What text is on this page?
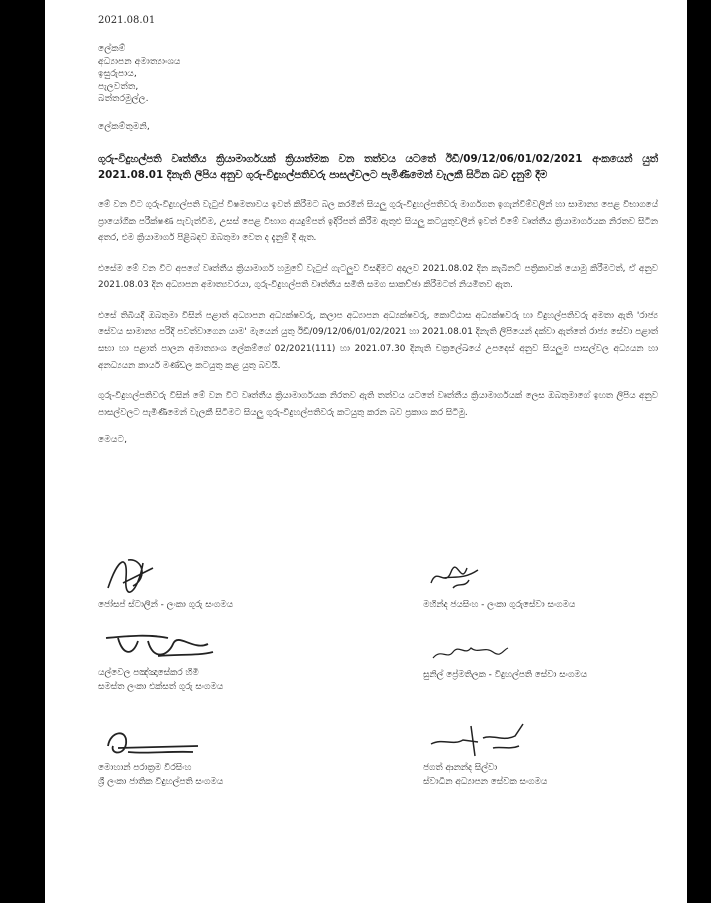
2021.08.01
ලේකම්
අධ්‍යාපන අමාත්‍යාංශය
ඉසුරුපාය,
පැලවත්ත,
බත්තරමුල්ල.
ලේකම්තුමනි,
ගුරු-විදුහල්පති වෘත්තීය ක්‍රියාමාර්ගයක් ක්‍රියාත්මක වන තත්වය යටතේ ඊඩී/09/12/06/01/02/2021 අංකයෙන් යුත් 2021.08.01 දිනැති ලිපිය අනුව ගුරු-විදුහල්පතිවරු පාසල්වලට පැමිණීමෙන් වැලකී සිටින බව දැනුම් දීම
මේ වන විට ගුරු-විදුහල්පති වැටුප් විෂමතාවය ඉවත් කිරීමට බල කරමින් සියලු ගුරු-විදුහල්පතිවරු මාර්ගගත ඉගැන්වීම්වලින් හා සාමාන්‍ය පෙළ විභාගයේ ප්‍රායෝගික පරීක්ෂණ පැවැත්වීම, උසස් පෙළ විභාග අයදුම්පත් ඉදිරිපත් කිරීම ඇතුළු සියලු කටයුතුවලින් ඉවත් වීමේ වෘත්තීය ක්‍රියාමාර්ගයක නිරතව සිටින අතර, එම ක්‍රියාමාර්ග පිළිබඳව ඔබතුමා වෙත ද දැනුම් දී ඇත.
එසේම මේ වන විට අපගේ වෘත්තීය ක්‍රියාමාර්ග හමුවේ වැටුප් ගැටලුව විසඳීමට අදාලව 2021.08.02 දින කැබිනට් පත්‍රිකාවක් යොමු කිරීමටත්, ඒ අනුව 2021.08.03 දින අධ්‍යාපන අමාත්‍යවරයා, ගුරු-විදුහල්පති වෘත්තීය සමිති සමග සාකච්ඡා කිරීමටත් නියමිතව ඇත.
එසේ තිබියදී ඔබතුමා විසින් පළාත් අධ්‍යාපන අධ්‍යක්ෂවරු, කලාප අධ්‍යාපන අධ්‍යක්ෂවරු, කොට්ඨාස අධ්‍යක්ෂවරු හා විදුහල්පතිවරු අමතා ඇති 'රාජ්‍ය සේවය සාමාන්‍ය පරිදි පවත්වාගෙන යාම' මැයෙන් යුතු ඊඩී/09/12/06/01/02/2021 හා 2021.08.01 දිනැති ලිපියෙන් දක්වා ඇත්තේ රාජ්‍ය සේවා පළාත් සභා හා පළාත් පාලන අමාත්‍යාංශ ලේකම්ගේ 02/2021(111) හා 2021.07.30 දිනැති චක්‍රලේඛයේ උපදෙස් අනුව සියලුම පාසල්වල අධ්‍යයන හා අනධ්‍යයන කාර්ය මණ්ඩල කටයුතු කළ යුතු බවයි.
ගුරු-විදුහල්පතිවරු විසින් මේ වන විට වෘත්තීය ක්‍රියාමාර්ගයක නිරතව ඇති තත්වය යටතේ වෘත්තීය ක්‍රියාමාර්ගයක් ලෙස ඔබතුමාගේ ඉහත ලිපිය අනුව පාසල්වලට පැමිණීමෙන් වැලකී සිටීමට සියලු ගුරු-විදුහල්පතිවරු කටයුතු කරන බව ප්‍රකාශ කර සිටිමු.
මෙයට,
ජෝසප් ස්ටාලින් - ලංකා ගුරු සංගමය	මහින්ද ජයසිංහ - ලංකා ගුරුසේවා සංගමය
යල්වෙල පඤ්ඤාසේකර හිමි
සමස්ත ලංකා එක්සත් ගුරු සංගමය
සුනිල් ප්‍රේමතිලක - විදුහල්පති සේවා සංගමය
මොහාන් පරාක්‍රම වීරසිංහ
ශ්‍රී ලංකා ජාතික විදුහල්පති සංගමය
ජගත් ආනන්ද සිල්වා
ස්වාධීන අධ්‍යාපන සේවක සංගමය
